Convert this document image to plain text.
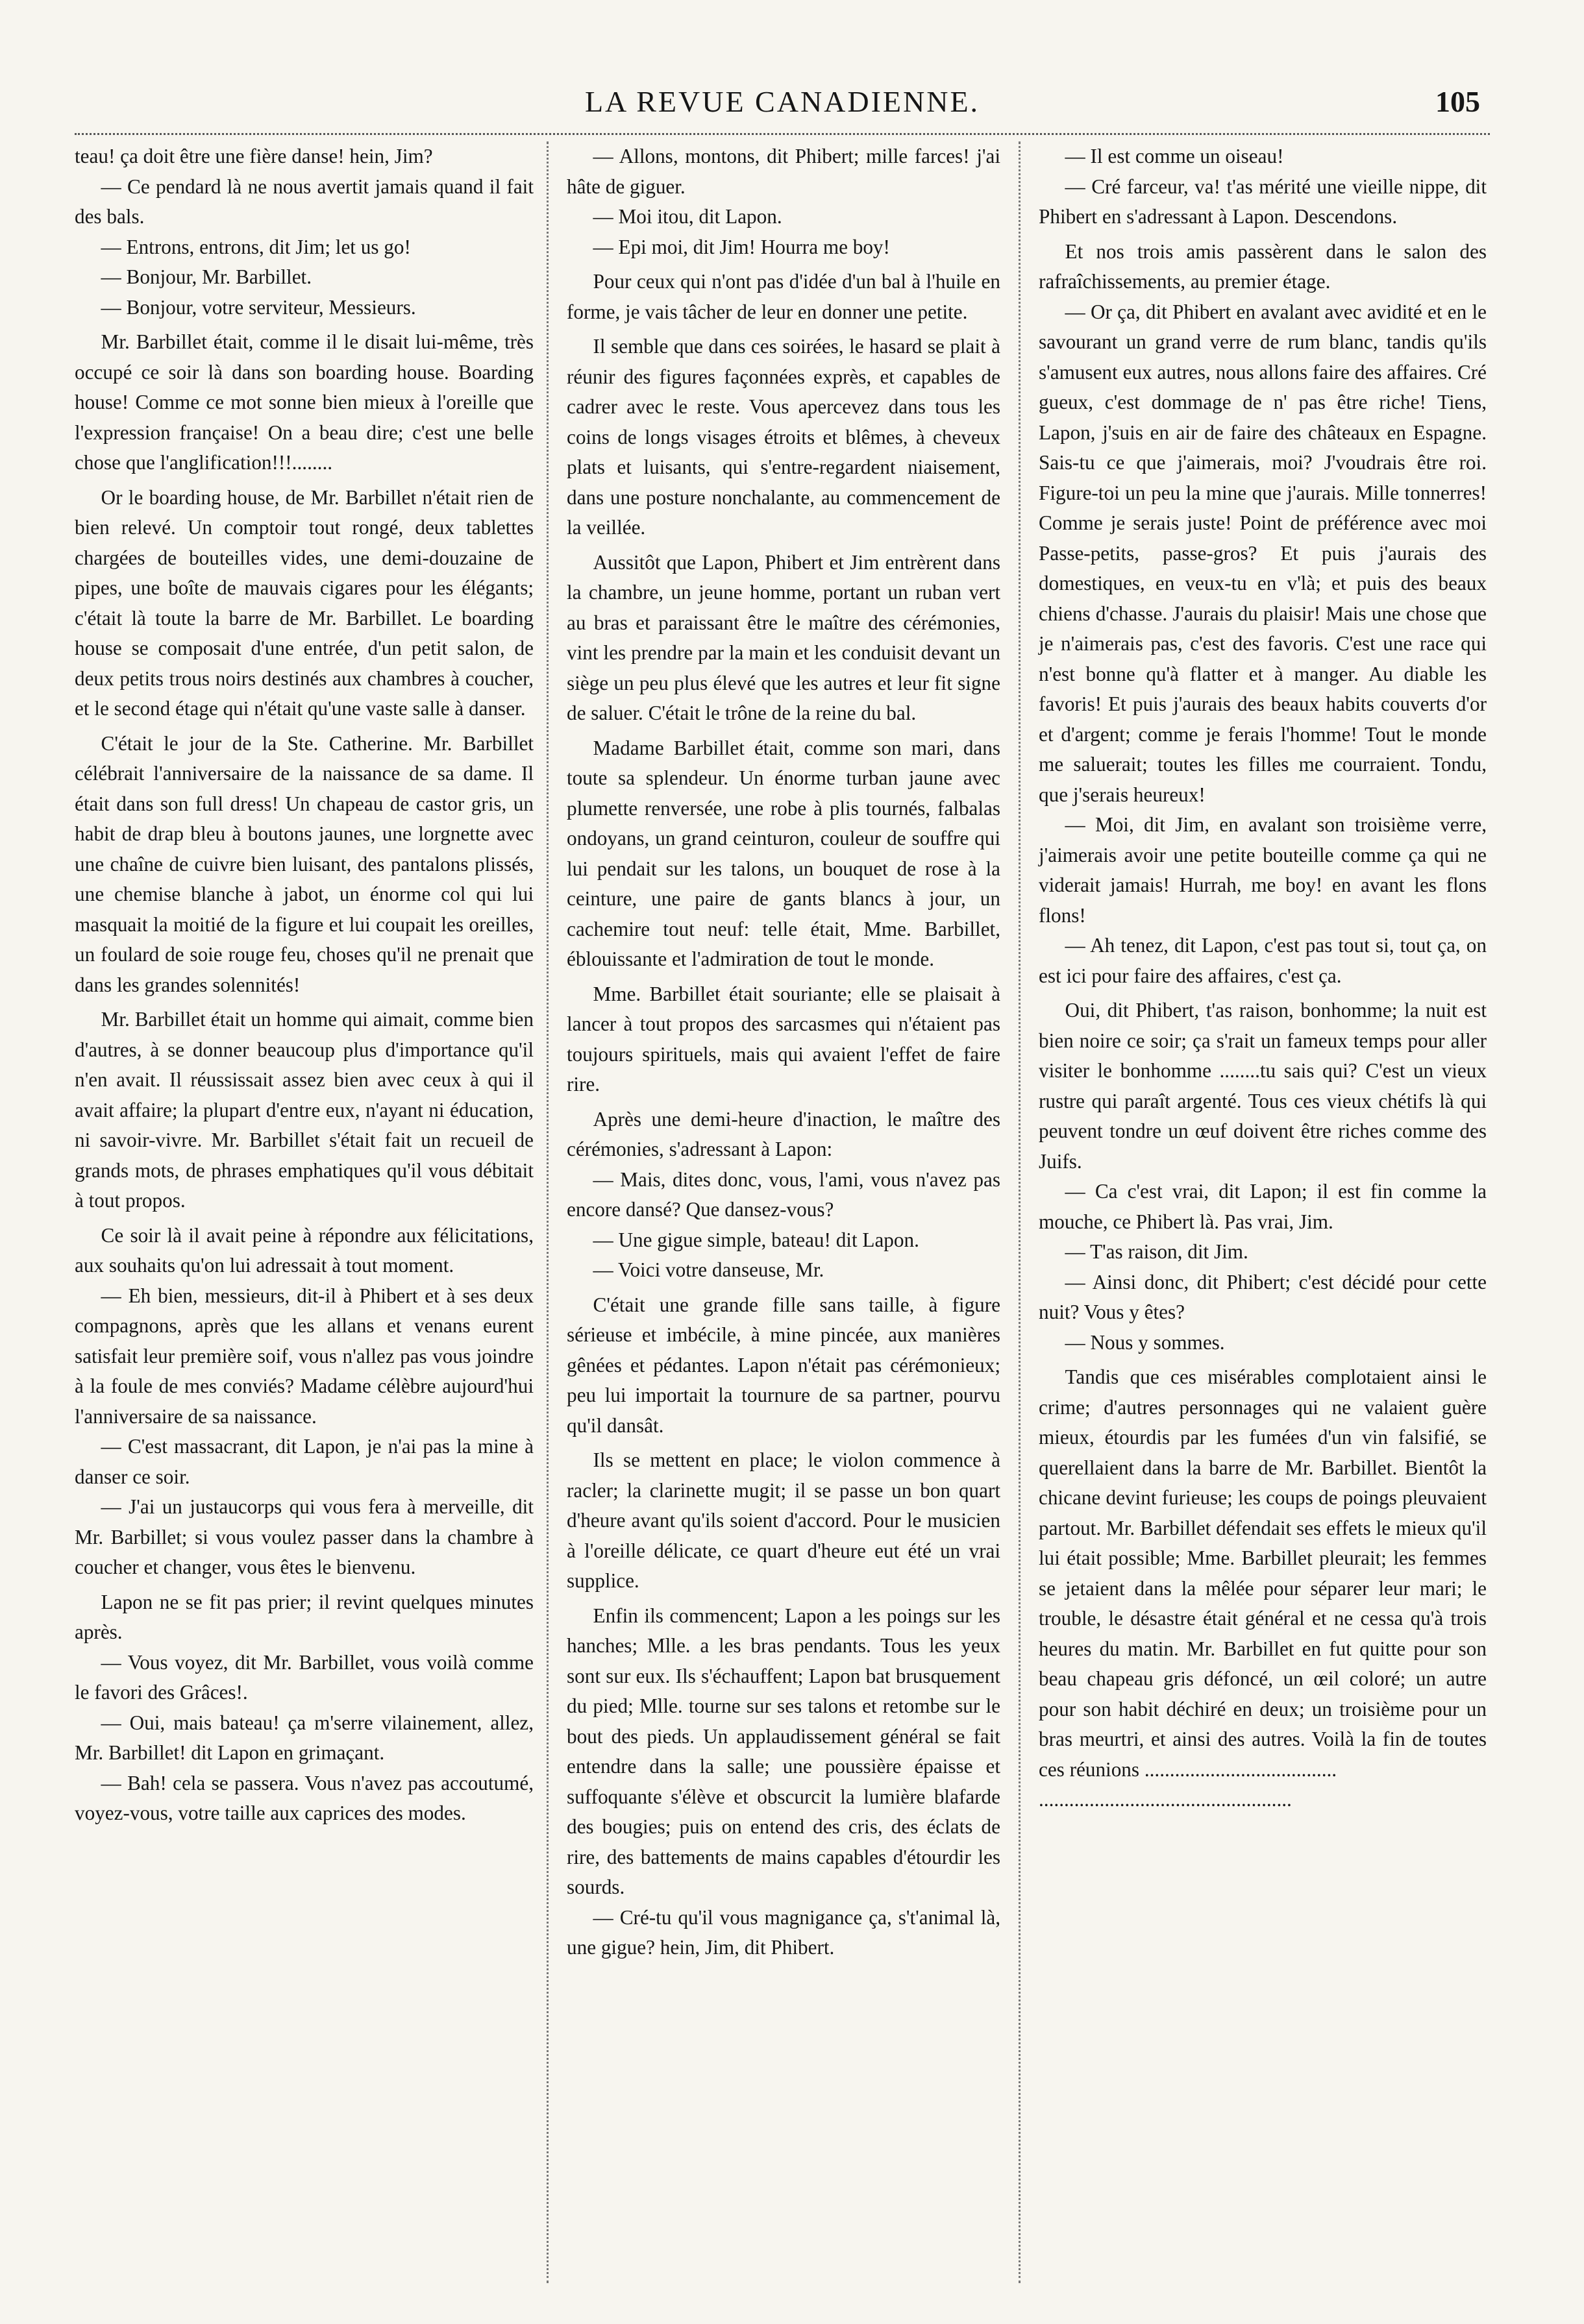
LA REVUE CANADIENNE.	105

teau! ça doit être une fière danse! hein, Jim?

— Ce pendard là ne nous avertit jamais quand il fait des bals.

— Entrons, entrons, dit Jim; let us go!

— Bonjour, Mr. Barbillet.

— Bonjour, votre serviteur, Messieurs.

Mr. Barbillet était, comme il le disait lui-même, très occupé ce soir là dans son boarding house. Boarding house! Comme ce mot sonne bien mieux à l'oreille que l'expression française! On a beau dire; c'est une belle chose que l'anglification!!!........

Or le boarding house, de Mr. Barbillet n'était rien de bien relevé. Un comptoir tout rongé, deux tablettes chargées de bouteilles vides, une demi-douzaine de pipes, une boîte de mauvais cigares pour les élégants; c'était là toute la barre de Mr. Barbillet. Le boarding house se composait d'une entrée, d'un petit salon, de deux petits trous noirs destinés aux chambres à coucher, et le second étage qui n'était qu'une vaste salle à danser.

C'était le jour de la Ste. Catherine. Mr. Barbillet célébrait l'anniversaire de la naissance de sa dame. Il était dans son full dress! Un chapeau de castor gris, un habit de drap bleu à boutons jaunes, une lorgnette avec une chaîne de cuivre bien luisant, des pantalons plissés, une chemise blanche à jabot, un énorme col qui lui masquait la moitié de la figure et lui coupait les oreilles, un foulard de soie rouge feu, choses qu'il ne prenait que dans les grandes solennités!

Mr. Barbillet était un homme qui aimait, comme bien d'autres, à se donner beaucoup plus d'importance qu'il n'en avait. Il réussissait assez bien avec ceux à qui il avait affaire; la plupart d'entre eux, n'ayant ni éducation, ni savoir-vivre. Mr. Barbillet s'était fait un recueil de grands mots, de phrases emphatiques qu'il vous débitait à tout propos.

Ce soir là il avait peine à répondre aux félicitations, aux souhaits qu'on lui adressait à tout moment.

— Eh bien, messieurs, dit-il à Phibert et à ses deux compagnons, après que les allans et venans eurent satisfait leur première soif, vous n'allez pas vous joindre à la foule de mes conviés? Madame célèbre aujourd'hui l'anniversaire de sa naissance.

— C'est massacrant, dit Lapon, je n'ai pas la mine à danser ce soir.

— J'ai un justaucorps qui vous fera à merveille, dit Mr. Barbillet; si vous voulez passer dans la chambre à coucher et changer, vous êtes le bienvenu.

Lapon ne se fit pas prier; il revint quelques minutes après.

— Vous voyez, dit Mr. Barbillet, vous voilà comme le favori des Grâces!.

— Oui, mais bateau! ça m'serre vilainement, allez, Mr. Barbillet! dit Lapon en grimaçant.

— Bah! cela se passera. Vous n'avez pas accoutumé, voyez-vous, votre taille aux caprices des modes.

— Allons, montons, dit Phibert; mille farces! j'ai hâte de giguer.

— Moi itou, dit Lapon.

— Epi moi, dit Jim! Hourra me boy!

Pour ceux qui n'ont pas d'idée d'un bal à l'huile en forme, je vais tâcher de leur en donner une petite.

Il semble que dans ces soirées, le hasard se plait à réunir des figures façonnées exprès, et capables de cadrer avec le reste. Vous apercevez dans tous les coins de longs visages étroits et blêmes, à cheveux plats et luisants, qui s'entre-regardent niaisement, dans une posture nonchalante, au commencement de la veillée.

Aussitôt que Lapon, Phibert et Jim entrèrent dans la chambre, un jeune homme, portant un ruban vert au bras et paraissant être le maître des cérémonies, vint les prendre par la main et les conduisit devant un siège un peu plus élevé que les autres et leur fit signe de saluer. C'était le trône de la reine du bal.

Madame Barbillet était, comme son mari, dans toute sa splendeur. Un énorme turban jaune avec plumette renversée, une robe à plis tournés, falbalas ondoyans, un grand ceinturon, couleur de souffre qui lui pendait sur les talons, un bouquet de rose à la ceinture, une paire de gants blancs à jour, un cachemire tout neuf: telle était, Mme. Barbillet, éblouissante et l'admiration de tout le monde.

Mme. Barbillet était souriante; elle se plaisait à lancer à tout propos des sarcasmes qui n'étaient pas toujours spirituels, mais qui avaient l'effet de faire rire.

Après une demi-heure d'inaction, le maître des cérémonies, s'adressant à Lapon:

— Mais, dites donc, vous, l'ami, vous n'avez pas encore dansé? Que dansez-vous?

— Une gigue simple, bateau! dit Lapon.

— Voici votre danseuse, Mr.

C'était une grande fille sans taille, à figure sérieuse et imbécile, à mine pincée, aux manières gênées et pédantes. Lapon n'était pas cérémonieux; peu lui importait la tournure de sa partner, pourvu qu'il dansât.

Ils se mettent en place; le violon commence à racler; la clarinette mugit; il se passe un bon quart d'heure avant qu'ils soient d'accord. Pour le musicien à l'oreille délicate, ce quart d'heure eut été un vrai supplice.

Enfin ils commencent; Lapon a les poings sur les hanches; Mlle. a les bras pendants. Tous les yeux sont sur eux. Ils s'échauffent; Lapon bat brusquement du pied; Mlle. tourne sur ses talons et retombe sur le bout des pieds. Un applaudissement général se fait entendre dans la salle; une poussière épaisse et suffoquante s'élève et obscurcit la lumière blafarde des bougies; puis on entend des cris, des éclats de rire, des battements de mains capables d'étourdir les sourds.

— Cré-tu qu'il vous magnigance ça, s't'animal là, une gigue? hein, Jim, dit Phibert.

— Il est comme un oiseau!

— Cré farceur, va! t'as mérité une vieille nippe, dit Phibert en s'adressant à Lapon. Descendons.

Et nos trois amis passèrent dans le salon des rafraîchissements, au premier étage.

— Or ça, dit Phibert en avalant avec avidité et en le savourant un grand verre de rum blanc, tandis qu'ils s'amusent eux autres, nous allons faire des affaires. Cré gueux, c'est dommage de n' pas être riche! Tiens, Lapon, j'suis en air de faire des châteaux en Espagne. Sais-tu ce que j'aimerais, moi? J'voudrais être roi. Figure-toi un peu la mine que j'aurais. Mille tonnerres! Comme je serais juste! Point de préférence avec moi Passe-petits, passe-gros? Et puis j'aurais des domestiques, en veux-tu en v'là; et puis des beaux chiens d'chasse. J'aurais du plaisir! Mais une chose que je n'aimerais pas, c'est des favoris. C'est une race qui n'est bonne qu'à flatter et à manger. Au diable les favoris! Et puis j'aurais des beaux habits couverts d'or et d'argent; comme je ferais l'homme! Tout le monde me saluerait; toutes les filles me courraient. Tondu, que j'serais heureux!

— Moi, dit Jim, en avalant son troisième verre, j'aimerais avoir une petite bouteille comme ça qui ne viderait jamais! Hurrah, me boy! en avant les flons flons!

— Ah tenez, dit Lapon, c'est pas tout si, tout ça, on est ici pour faire des affaires, c'est ça.

Oui, dit Phibert, t'as raison, bonhomme; la nuit est bien noire ce soir; ça s'rait un fameux temps pour aller visiter le bonhomme ........tu sais qui? C'est un vieux rustre qui paraît argenté. Tous ces vieux chétifs là qui peuvent tondre un œuf doivent être riches comme des Juifs.

— Ca c'est vrai, dit Lapon; il est fin comme la mouche, ce Phibert là. Pas vrai, Jim.

— T'as raison, dit Jim.

— Ainsi donc, dit Phibert; c'est décidé pour cette nuit? Vous y êtes?

— Nous y sommes.

Tandis que ces misérables complotaient ainsi le crime; d'autres personnages qui ne valaient guère mieux, étourdis par les fumées d'un vin falsifié, se querellaient dans la barre de Mr. Barbillet. Bientôt la chicane devint furieuse; les coups de poings pleuvaient partout. Mr. Barbillet défendait ses effets le mieux qu'il lui était possible; Mme. Barbillet pleurait; les femmes se jetaient dans la mêlée pour séparer leur mari; le trouble, le désastre était général et ne cessa qu'à trois heures du matin. Mr. Barbillet en fut quitte pour son beau chapeau gris défoncé, un œil coloré; un autre pour son habit déchiré en deux; un troisième pour un bras meurtri, et ainsi des autres. Voilà la fin de toutes ces réunions ......................................

..................................................
